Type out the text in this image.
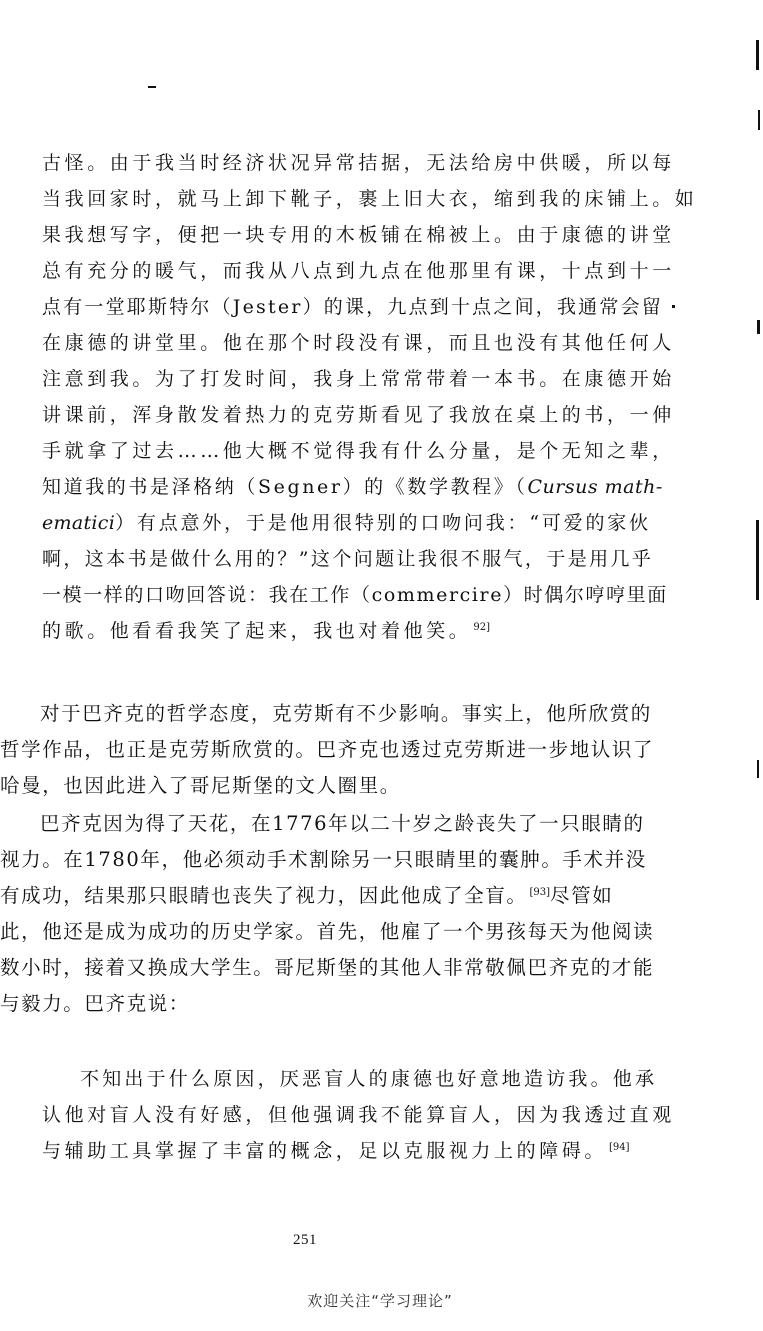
古怪。由于我当时经济状况异常拮据，无法给房中供暖，所以每
当我回家时，就马上卸下靴子，裹上旧大衣，缩到我的床铺上。如
果我想写字，便把一块专用的木板铺在棉被上。由于康德的讲堂
总有充分的暖气，而我从八点到九点在他那里有课，十点到十一
点有一堂耶斯特尔（Jester）的课，九点到十点之间，我通常会留
在康德的讲堂里。他在那个时段没有课，而且也没有其他任何人
注意到我。为了打发时间，我身上常常带着一本书。在康德开始
讲课前，浑身散发着热力的克劳斯看见了我放在桌上的书，一伸
手就拿了过去……他大概不觉得我有什么分量，是个无知之辈，
知道我的书是泽格纳（Segner）的《数学教程》（Cursus math-
ematici）有点意外，于是他用很特别的口吻问我：“可爱的家伙
啊，这本书是做什么用的？”这个问题让我很不服气，于是用几乎
一模一样的口吻回答说：我在工作（commercire）时偶尔哼哼里面
的歌。他看看我笑了起来，我也对着他笑。 $^{92]}$
对于巴齐克的哲学态度，克劳斯有不少影响。事实上，他所欣赏的
哲学作品，也正是克劳斯欣赏的。巴齐克也透过克劳斯进一步地认识了
哈曼，也因此进入了哥尼斯堡的文人圈里。
巴齐克因为得了天花，在1776年以二十岁之龄丧失了一只眼睛的
视力。在1780年，他必须动手术割除另一只眼睛里的囊肿。手术并没
有成功，结果那只眼睛也丧失了视力，因此他成了全盲。 [93]尽管如
此，他还是成为成功的历史学家。首先，他雇了一个男孩每天为他阅读
数小时，接着又换成大学生。哥尼斯堡的其他人非常敬佩巴齐克的才能
与毅力。巴齐克说：
不知出于什么原因，厌恶盲人的康德也好意地造访我。他承
认他对盲人没有好感，但他强调我不能算盲人，因为我透过直观
与辅助工具掌握了丰富的概念，足以克服视力上的障碍。 [94]
251
欢迎关注“学习理论”
